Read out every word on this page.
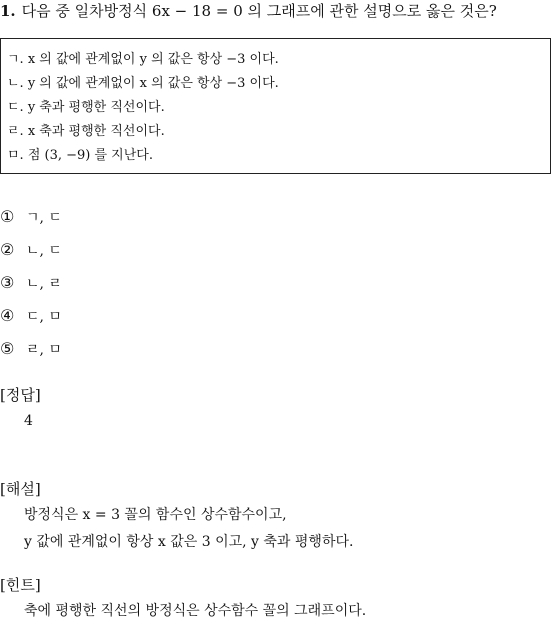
1. 다음 중 일차방정식 6x − 18 = 0 의 그래프에 관한 설명으로 옳은 것은?
ㄱ. x 의 값에 관계없이 y 의 값은 항상 −3 이다.
ㄴ. y 의 값에 관계없이 x 의 값은 항상 −3 이다.
ㄷ. y 축과 평행한 직선이다.
ㄹ. x 축과 평행한 직선이다.
ㅁ. 점 (3, −9) 를 지난다.
① ㄱ, ㄷ
② ㄴ, ㄷ
③ ㄴ, ㄹ
④ ㄷ, ㅁ
⑤ ㄹ, ㅁ
[정답]
4
[해설]
방정식은 x = 3 꼴의 함수인 상수함수이고,
y 값에 관계없이 항상 x 값은 3 이고, y 축과 평행하다.
[힌트]
축에 평행한 직선의 방정식은 상수함수 꼴의 그래프이다.
